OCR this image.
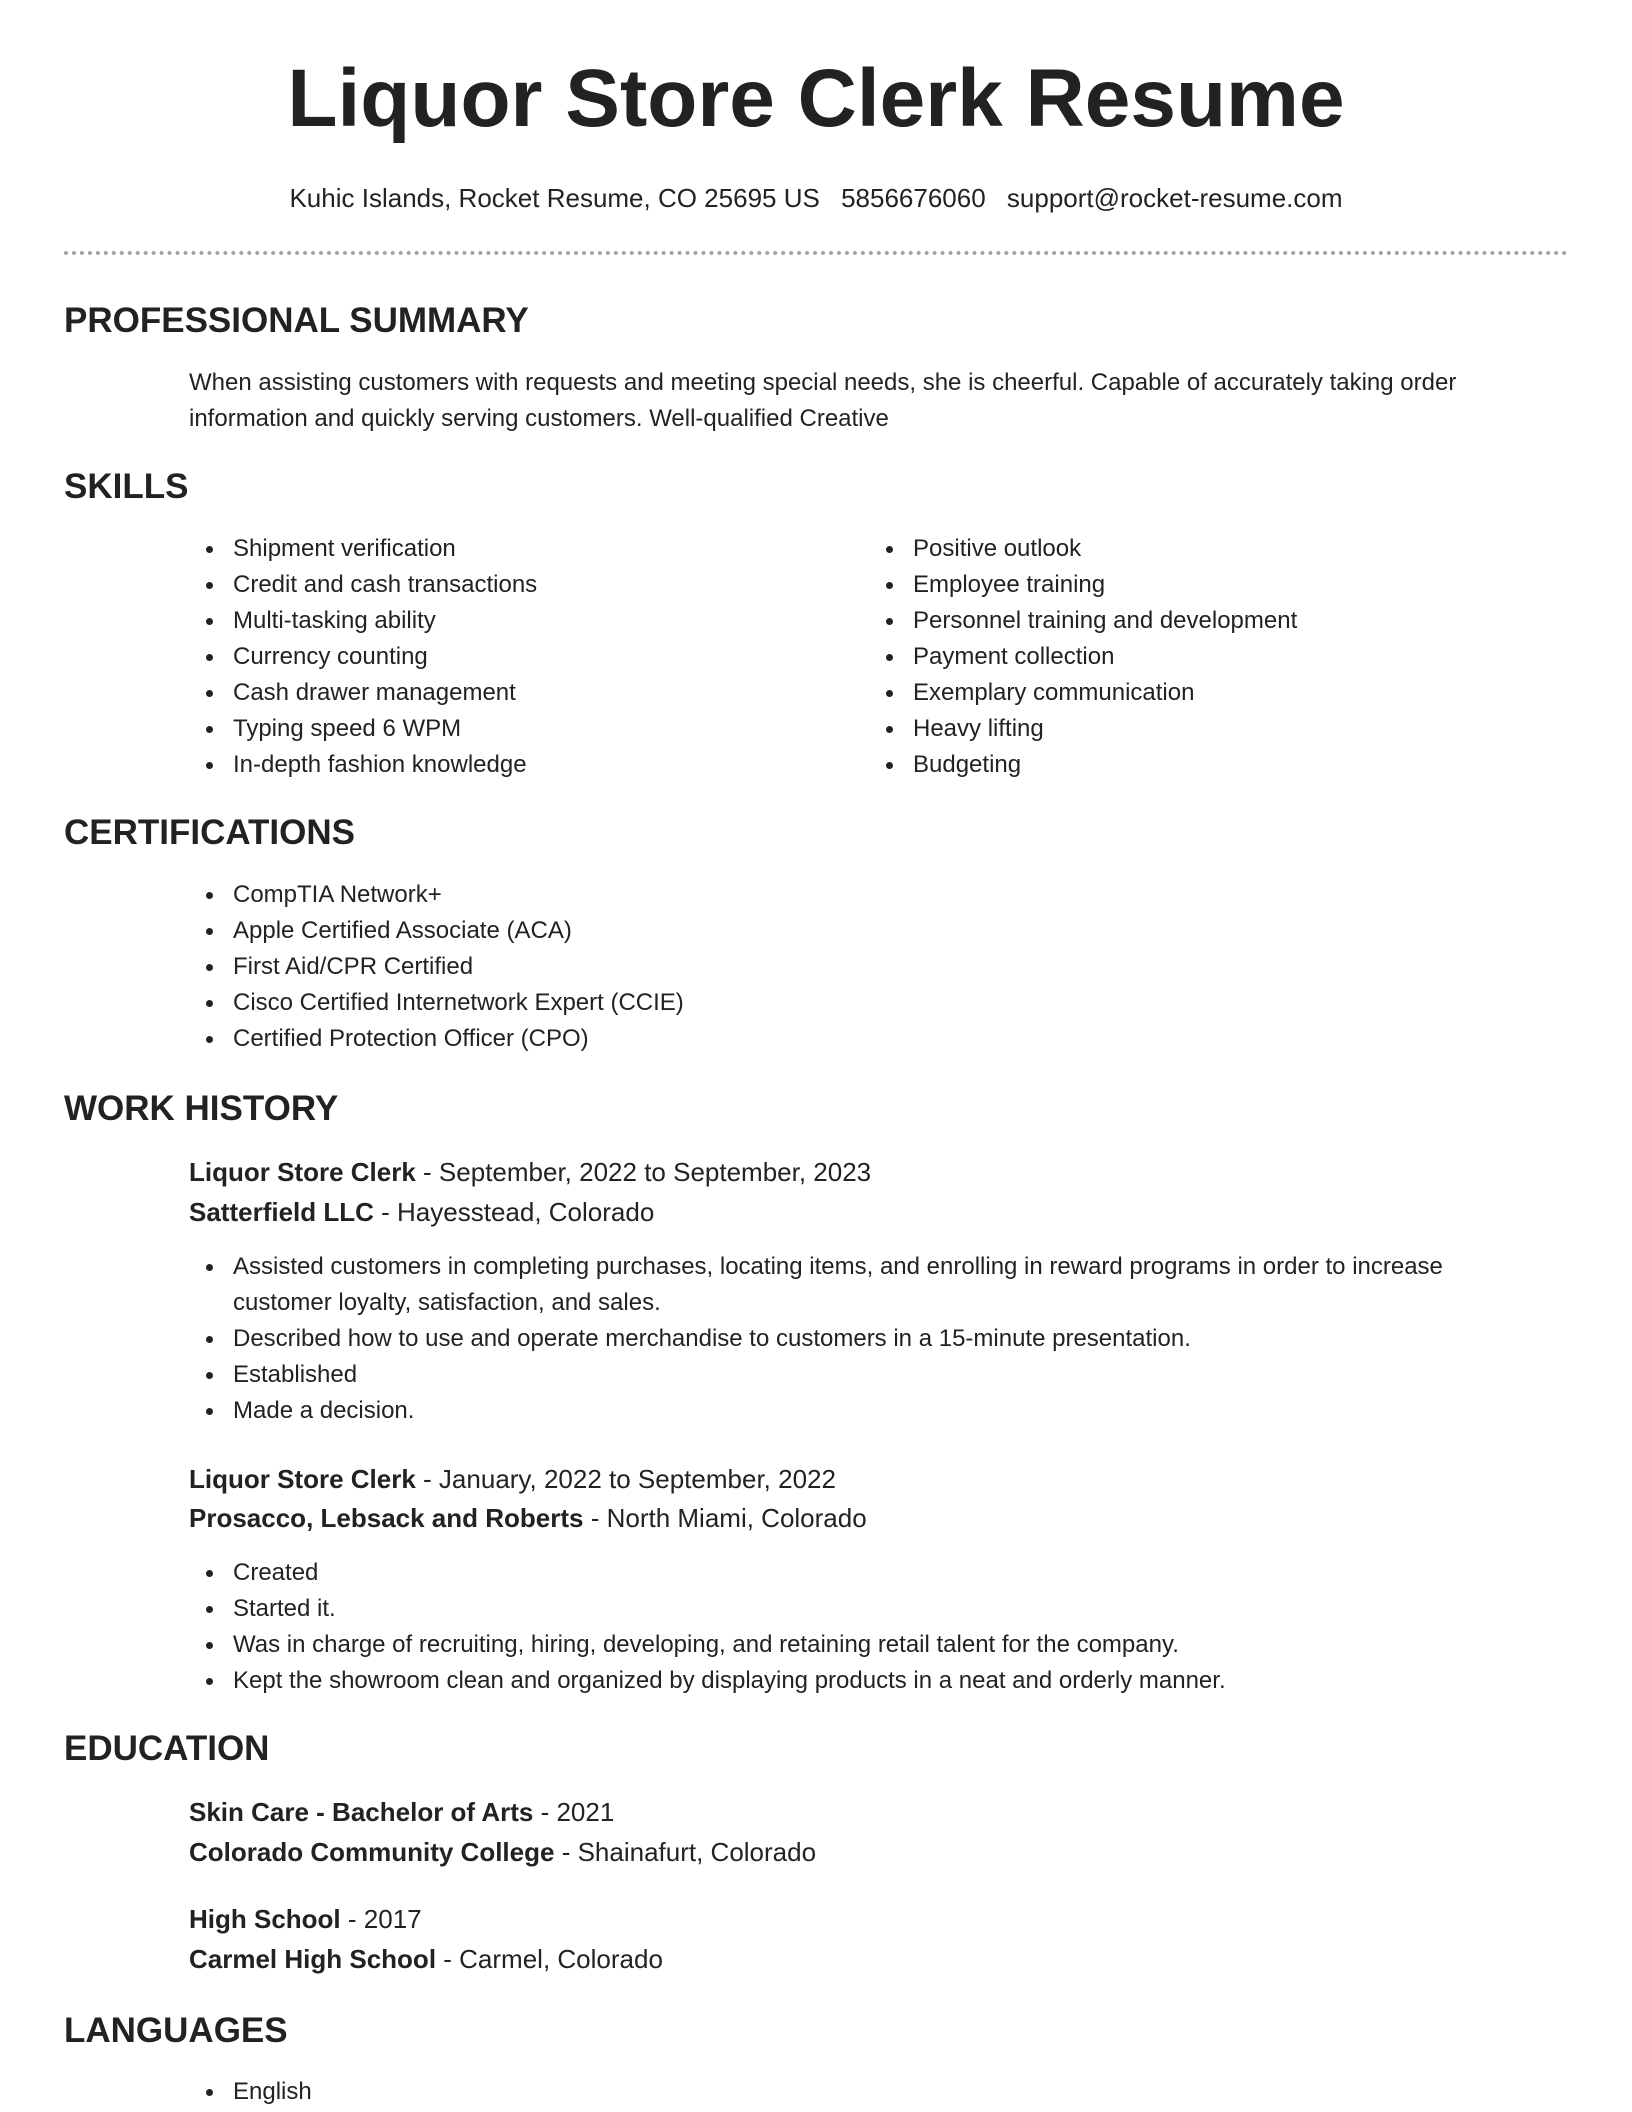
Liquor Store Clerk Resume
Kuhic Islands, Rocket Resume, CO 25695 US 5856676060 support@rocket-resume.com
PROFESSIONAL SUMMARY
When assisting customers with requests and meeting special needs, she is cheerful. Capable of accurately taking order information and quickly serving customers. Well-qualified Creative
SKILLS
Shipment verification
Credit and cash transactions
Multi-tasking ability
Currency counting
Cash drawer management
Typing speed 6 WPM
In-depth fashion knowledge
Positive outlook
Employee training
Personnel training and development
Payment collection
Exemplary communication
Heavy lifting
Budgeting
CERTIFICATIONS
CompTIA Network+
Apple Certified Associate (ACA)
First Aid/CPR Certified
Cisco Certified Internetwork Expert (CCIE)
Certified Protection Officer (CPO)
WORK HISTORY
Liquor Store Clerk - September, 2022 to September, 2023
Satterfield LLC - Hayesstead, Colorado
Assisted customers in completing purchases, locating items, and enrolling in reward programs in order to increase customer loyalty, satisfaction, and sales.
Described how to use and operate merchandise to customers in a 15-minute presentation.
Established
Made a decision.
Liquor Store Clerk - January, 2022 to September, 2022
Prosacco, Lebsack and Roberts - North Miami, Colorado
Created
Started it.
Was in charge of recruiting, hiring, developing, and retaining retail talent for the company.
Kept the showroom clean and organized by displaying products in a neat and orderly manner.
EDUCATION
Skin Care - Bachelor of Arts - 2021
Colorado Community College - Shainafurt, Colorado
High School - 2017
Carmel High School - Carmel, Colorado
LANGUAGES
English
